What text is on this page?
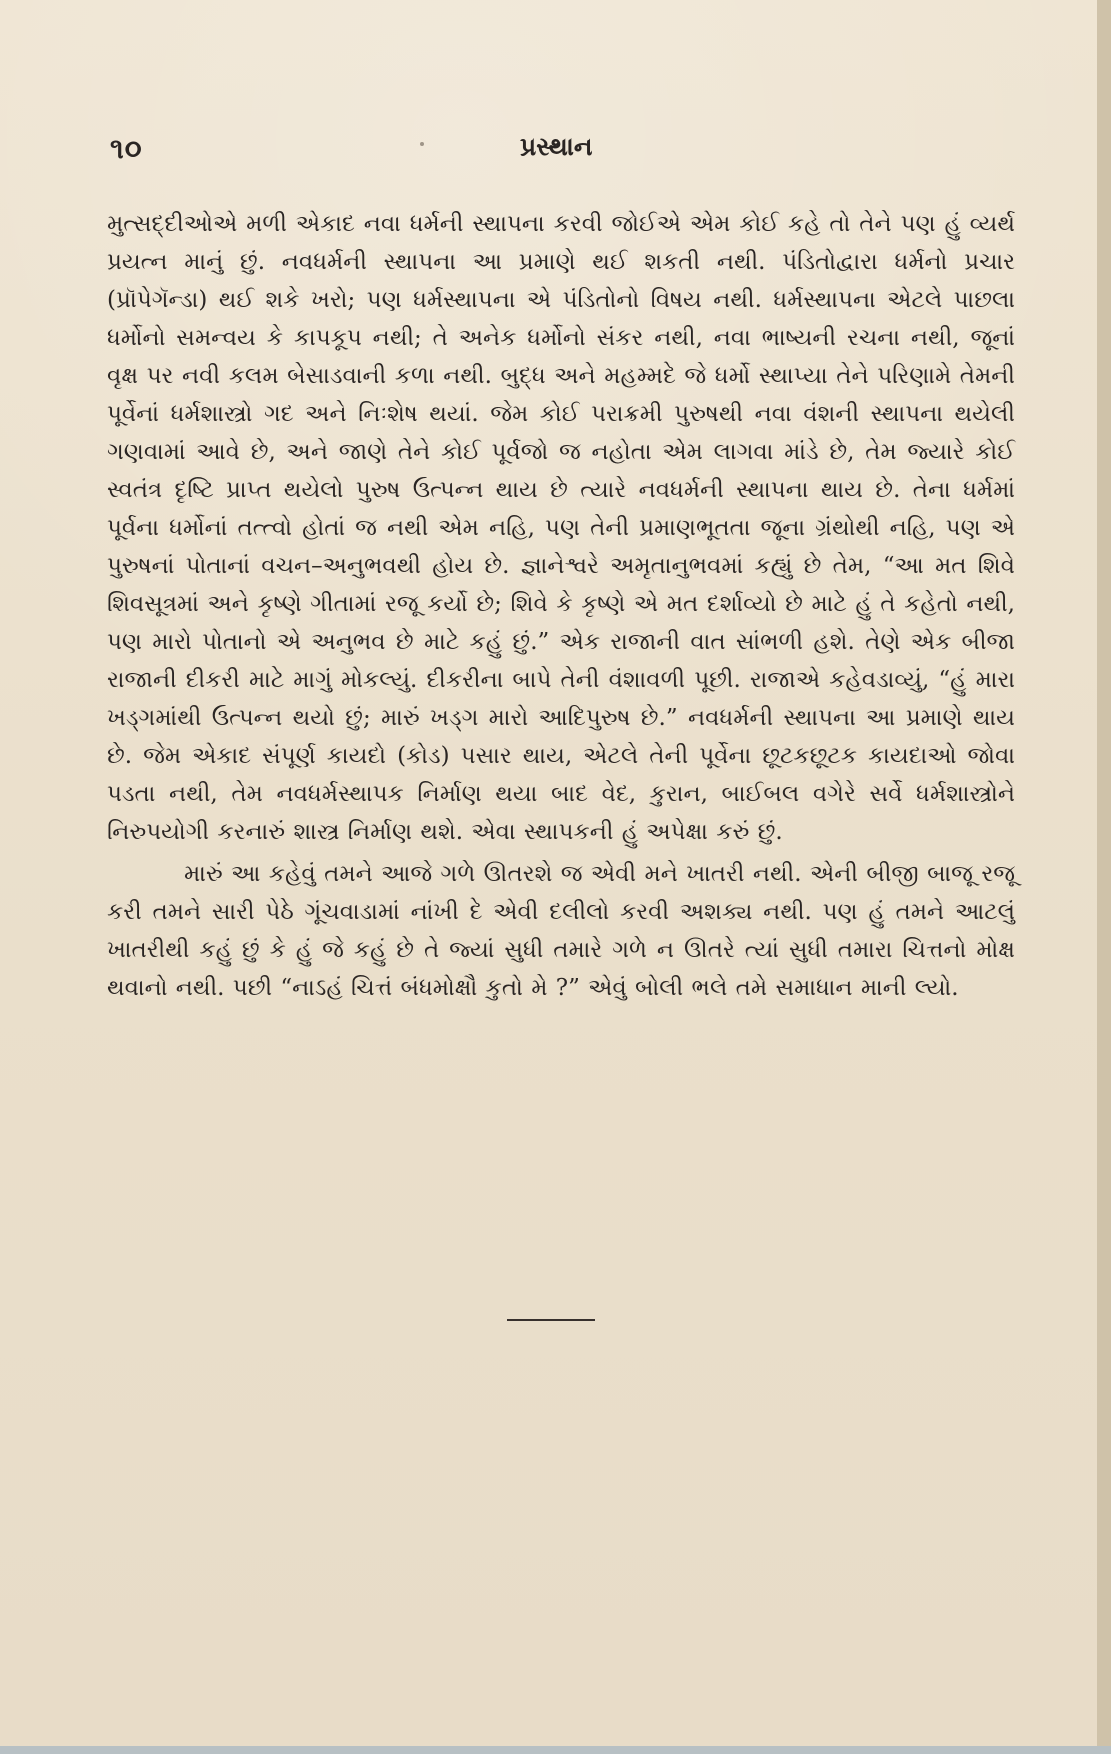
૧૦	પ્રસ્થાન

મુત્સદ્દીઓએ મળી એકાદ નવા ધર્મની સ્થાપના કરવી જોઈએ એમ કોઈ કહે તો તેને પણ હું વ્યર્થ પ્રયત્ન માનું છું. નવધર્મની સ્થાપના આ પ્રમાણે થઈ શકતી નથી. પંડિતોદ્વારા ધર્મનો પ્રચાર (પ્રૉપેગૅન્ડા) થઈ શકે ખરો; પણ ધર્મસ્થાપના એ પંડિતોનો વિષય નથી. ધર્મસ્થાપના એટલે પાછલા ધર્મોનો સમન્વય કે કાપકૂપ નથી; તે અનેક ધર્મોનો સંકર નથી, નવા ભાષ્યની રચના નથી, જૂનાં વૃક્ષ પર નવી કલમ બેસાડવાની કળા નથી. બુદ્ધ અને મહમ્મદે જે ધર્મો સ્થાપ્યા તેને પરિણામે તેમની પૂર્વેનાં ધર્મશાસ્ત્રો ગદ અને નિઃશેષ થયાં. જેમ કોઈ પરાક્રમી પુરુષથી નવા વંશની સ્થાપના થયેલી ગણવામાં આવે છે, અને જાણે તેને કોઈ પૂર્વજો જ નહોતા એમ લાગવા માંડે છે, તેમ જ્યારે કોઈ સ્વતંત્ર દૃષ્ટિ પ્રાપ્ત થયેલો પુરુષ ઉત્પન્ન થાય છે ત્યારે નવધર્મની સ્થાપના થાય છે. તેના ધર્મમાં પૂર્વના ધર્મોનાં તત્ત્વો હોતાં જ નથી એમ નહિ, પણ તેની પ્રમાણભૂતતા જૂના ગ્રંથોથી નહિ, પણ એ પુરુષનાં પોતાનાં વચન–અનુભવથી હોય છે. જ્ઞાનેશ્વરે અમૃતાનુભવમાં કહ્યું છે તેમ, “આ મત શિવે શિવસૂત્રમાં અને કૃષ્ણે ગીતામાં રજૂ કર્યો છે; શિવે કે કૃષ્ણે એ મત દર્શાવ્યો છે માટે હું તે કહેતો નથી, પણ મારો પોતાનો એ અનુભવ છે માટે કહું છું.” એક રાજાની વાત સાંભળી હશે. તેણે એક બીજા રાજાની દીકરી માટે માગું મોકલ્યું. દીકરીના બાપે તેની વંશાવળી પૂછી. રાજાએ કહેવડાવ્યું, “હું મારા ખડ્ગમાંથી ઉત્પન્ન થયો છું; મારું ખડ્ગ મારો આદિપુરુષ છે.” નવધર્મની સ્થાપના આ પ્રમાણે થાય છે. જેમ એકાદ સંપૂર્ણ કાયદો (કોડ) પસાર થાય, એટલે તેની પૂર્વેના છૂટકછૂટક કાયદાઓ જોવા પડતા નથી, તેમ નવધર્મસ્થાપક નિર્માણ થયા બાદ વેદ, કુરાન, બાઈબલ વગેરે સર્વે ધર્મશાસ્ત્રોને નિરુપયોગી કરનારું શાસ્ત્ર નિર્માણ થશે. એવા સ્થાપકની હું અપેક્ષા કરું છું.

મારું આ કહેવું તમને આજે ગળે ઊતરશે જ એવી મને ખાતરી નથી. એની બીજી બાજૂ રજૂ કરી તમને સારી પેઠે ગૂંચવાડામાં નાંખી દે એવી દલીલો કરવી અશક્ય નથી. પણ હું તમને આટલું ખાતરીથી કહું છું કે હું જે કહું છે તે જ્યાં સુધી તમારે ગળે ન ઊતરે ત્યાં સુધી તમારા ચિત્તનો મોક્ષ થવાનો નથી. પછી “નાઽહં ચિત્તં બંધમોક્ષૌ કુતો મે ?” એવું બોલી ભલે તમે સમાધાન માની લ્યો.
